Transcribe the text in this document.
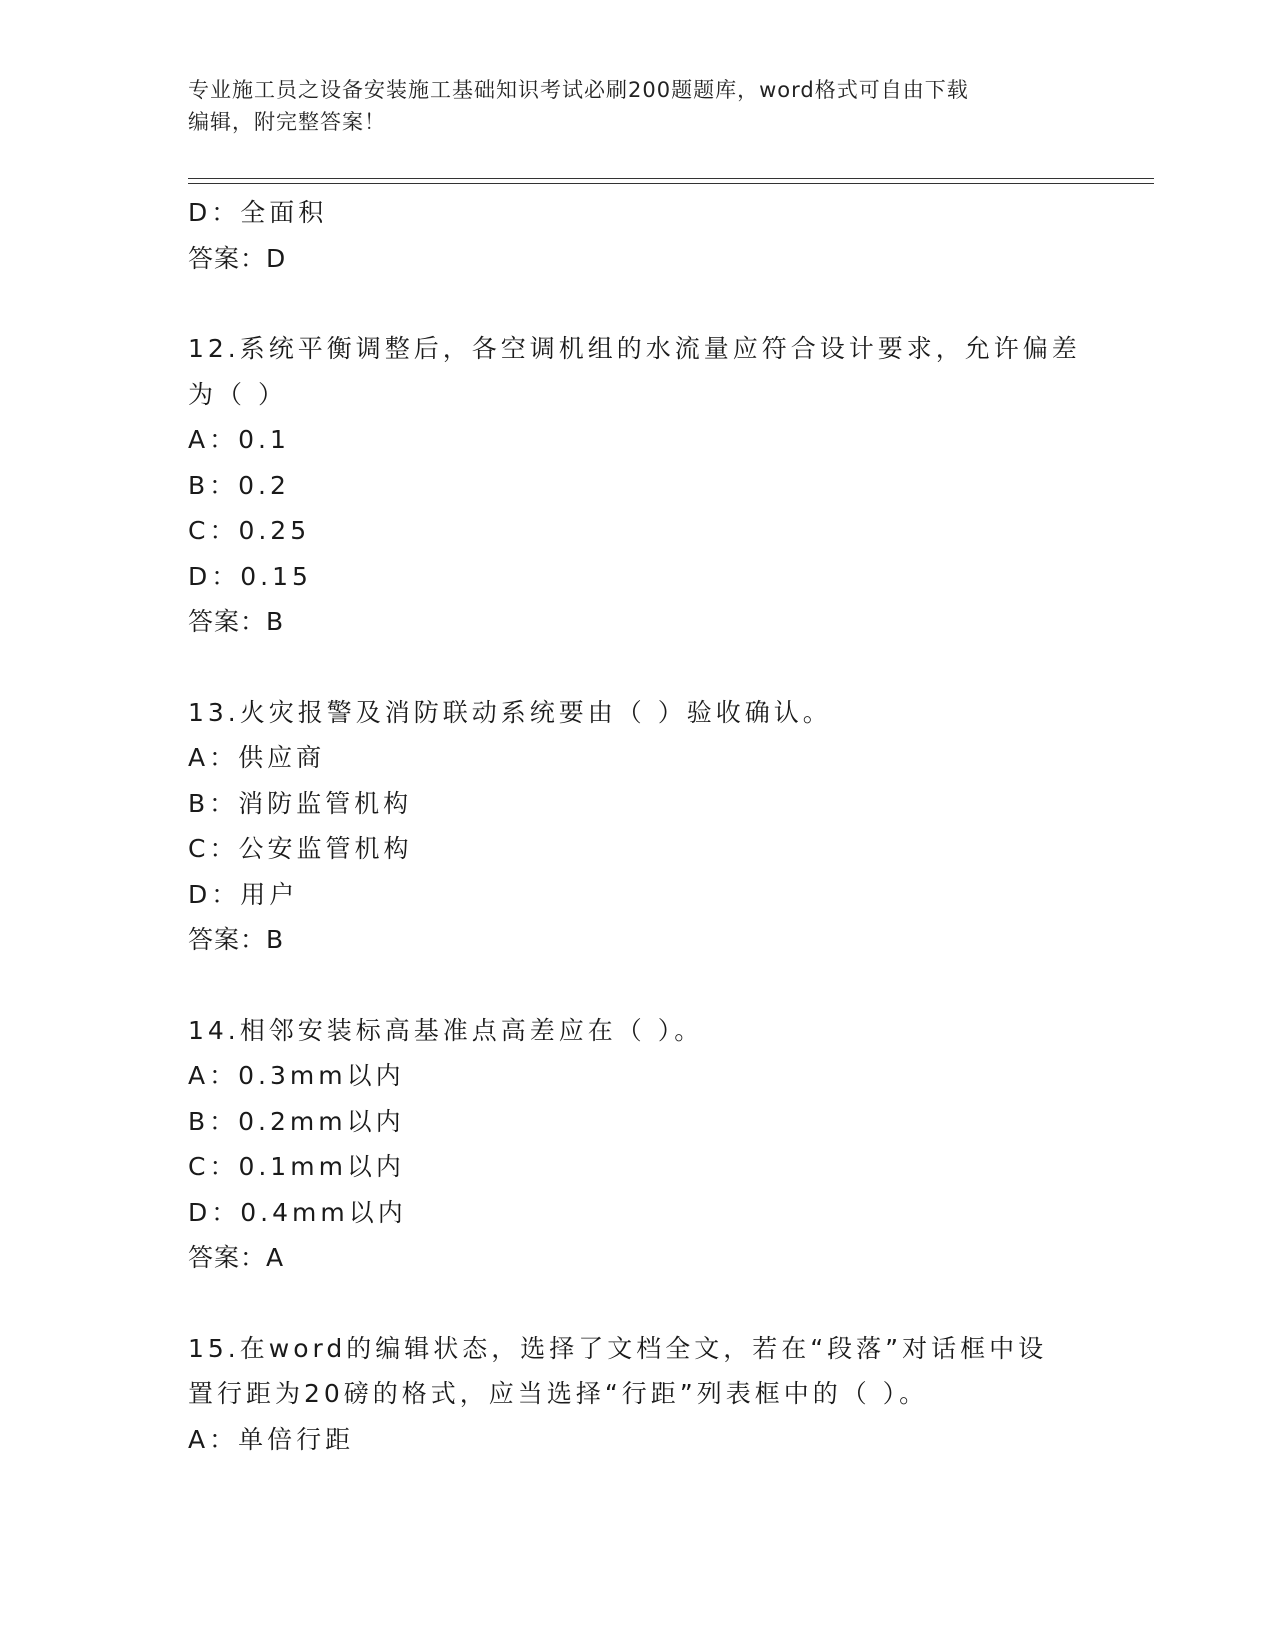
专业施工员之设备安装施工基础知识考试必刷200题题库，word格式可自由下载
编辑，附完整答案！
D：全面积
答案：D
12.系统平衡调整后，各空调机组的水流量应符合设计要求，允许偏差
为（ ）
A：0.1
B：0.2
C：0.25
D：0.15
答案：B
13.火灾报警及消防联动系统要由（ ）验收确认。
A：供应商
B：消防监管机构
C：公安监管机构
D：用户
答案：B
14.相邻安装标高基准点高差应在（ ）。
A：0.3mm以内
B：0.2mm以内
C：0.1mm以内
D：0.4mm以内
答案：A
15.在word的编辑状态，选择了文档全文，若在“段落”对话框中设
置行距为20磅的格式，应当选择“行距”列表框中的（ ）。
A：单倍行距
